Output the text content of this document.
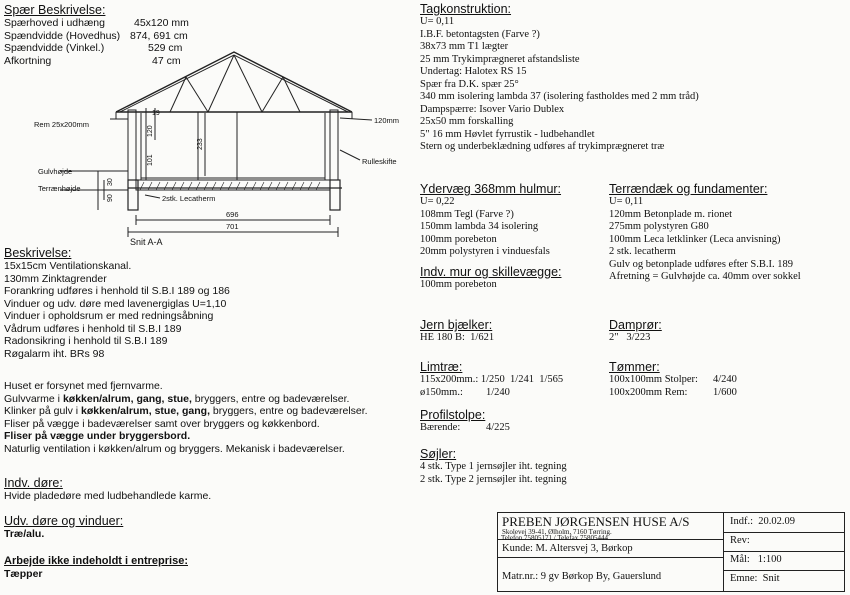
Spær Beskrivelse:
Spærhoved i udhæng	45x120 mm
Spændvidde (Hovedhus)	874, 691 cm
Spændvidde (Vinkel.)	529 cm
Afkortning	47 cm
Rem 25x200mm
Gulvhøjde
Terrænhøjde
120mm
Rulleskifte
2stk. Lecatherm
696
701
19
120
233
101
30
90
Snit A-A
Beskrivelse:
15x15cm Ventilationskanal.
130mm Zinktagrender
Forankring udføres i henhold til S.B.I 189 og 186
Vinduer og udv. døre med lavenergiglas U=1,10
Vinduer i opholdsrum er med redningsåbning
Vådrum udføres i henhold til S.B.I 189
Radonsikring i henhold til S.B.I 189
Røgalarm iht. BRs 98
Huset er forsynet med fjernvarme.
Gulvvarme i køkken/alrum, gang, stue, bryggers, entre og badeværelser.
Klinker på gulv i køkken/alrum, stue, gang, bryggers, entre og badeværelser.
Fliser på vægge i badeværelser samt over bryggers og køkkenbord.
Fliser på vægge under bryggersbord.
Naturlig ventilation i køkken/alrum og bryggers. Mekanisk i badeværelser.
Indv. døre:
Hvide pladedøre med ludbehandlede karme.
Udv. døre og vinduer:
Træ/alu.
Arbejde ikke indeholdt i entreprise:
Tæpper
Tagkonstruktion:
U= 0,11
I.B.F. betontagsten (Farve ?)
38x73 mm T1 lægter
25 mm Trykimprægneret afstandsliste
Undertag: Halotex RS 15
Spær fra D.K. spær 25°
340 mm isolering lambda 37 (isolering fastholdes med 2 mm tråd)
Dampspærre: Isover Vario Dublex
25x50 mm forskalling
5" 16 mm Høvlet fyrrustik - ludbehandlet
Stern og underbeklædning udføres af trykimprægneret træ
Ydervæg 368mm hulmur:
U= 0,22
108mm Tegl (Farve ?)
150mm lambda 34 isolering
100mm porebeton
20mm polystyren i vinduesfals
Indv. mur og skillevægge:
100mm porebeton
Terrændæk og fundamenter:
U= 0,11
120mm Betonplade m. rionet
275mm polystyren G80
100mm Leca letklinker (Leca anvisning)
2 stk. lecatherm
Gulv og betonplade udføres efter S.B.I. 189
Afretning = Gulvhøjde ca. 40mm over sokkel
Jern bjælker:
HE 180 B: 1/621
Damprør:
2" 3/223
Limtræ:
115x200mm.: 1/250 1/241 1/565
ø150mm.: 1/240
Tømmer:
100x100mm Stolper: 4/240
100x200mm Rem: 1/600
Profilstolpe:
Bærende: 4/225
Søjler:
4 stk. Type 1 jernsøjler iht. tegning
2 stk. Type 2 jernsøjler iht. tegning
PREBEN JØRGENSEN HUSE A/S
Skolevej 39-41, Ølholm, 7160 Tørring.
Kunde: M. Altersvej 3, Børkop
Matr.nr.: 9 gv Børkop By, Gauerslund
Indf.: 20.02.09
Rev:
Mål: 1:100
Emne: Snit
Telefon 75805171 / Telefax 75805444
